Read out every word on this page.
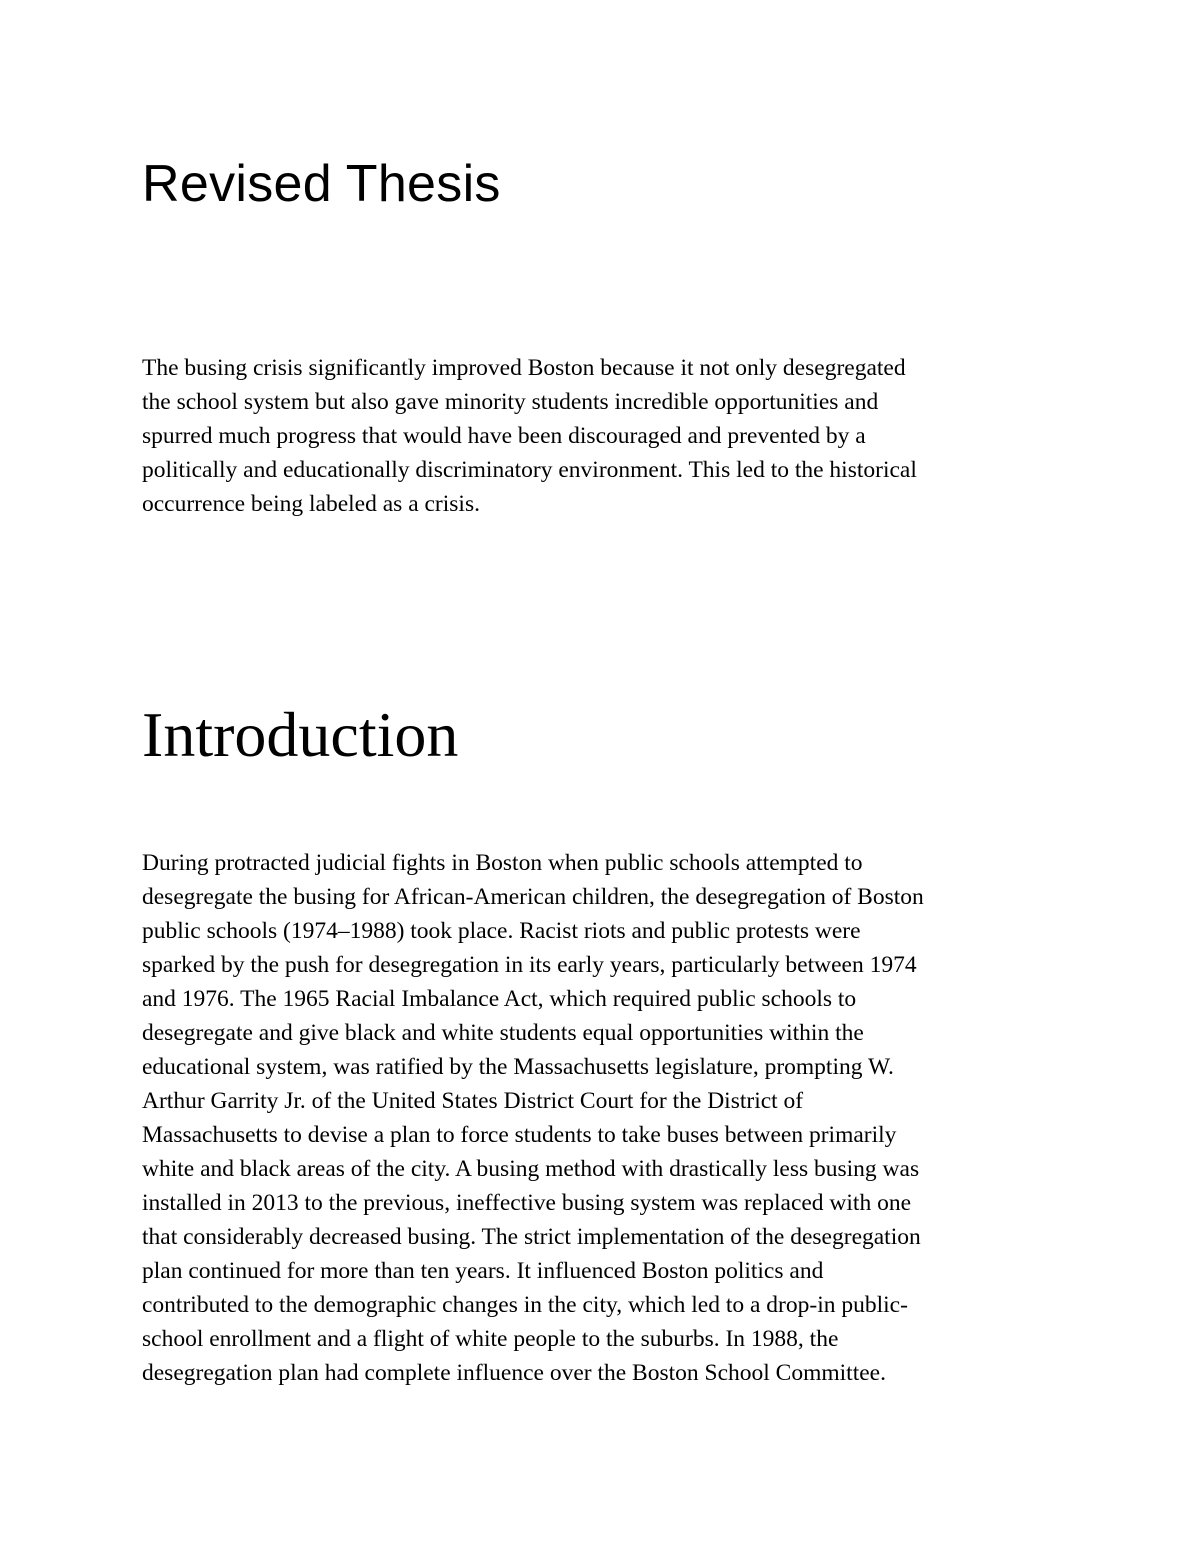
Revised Thesis

The busing crisis significantly improved Boston because it not only desegregated
the school system but also gave minority students incredible opportunities and
spurred much progress that would have been discouraged and prevented by a
politically and educationally discriminatory environment. This led to the historical
occurrence being labeled as a crisis.

Introduction

During protracted judicial fights in Boston when public schools attempted to
desegregate the busing for African-American children, the desegregation of Boston
public schools (1974–1988) took place. Racist riots and public protests were
sparked by the push for desegregation in its early years, particularly between 1974
and 1976. The 1965 Racial Imbalance Act, which required public schools to
desegregate and give black and white students equal opportunities within the
educational system, was ratified by the Massachusetts legislature, prompting W.
Arthur Garrity Jr. of the United States District Court for the District of
Massachusetts to devise a plan to force students to take buses between primarily
white and black areas of the city. A busing method with drastically less busing was
installed in 2013 to the previous, ineffective busing system was replaced with one
that considerably decreased busing. The strict implementation of the desegregation
plan continued for more than ten years. It influenced Boston politics and
contributed to the demographic changes in the city, which led to a drop-in public-
school enrollment and a flight of white people to the suburbs. In 1988, the
desegregation plan had complete influence over the Boston School Committee.
